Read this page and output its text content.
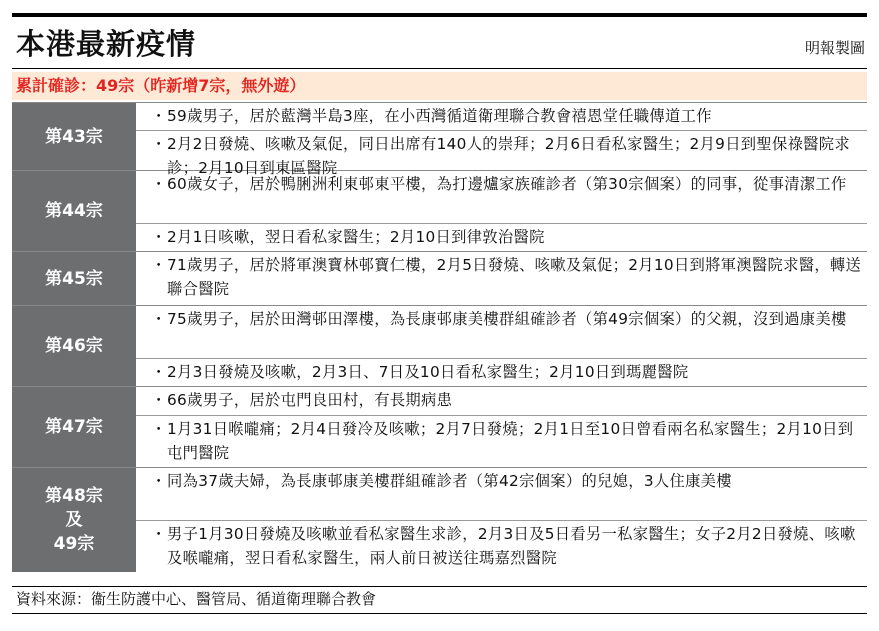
本港最新疫情	明報製圖
累計確診：49宗（昨新增7宗，無外遊）
第43宗
・ 59歲男子，居於藍灣半島3座，在小西灣循道衛理聯合教會禧恩堂任職傳道工作
・ 2月2日發燒、咳嗽及氣促，同日出席有140人的崇拜；2月6日看私家醫生；2月9日到聖保祿醫院求診；2月10日到東區醫院
第44宗
・ 60歲女子，居於鴨脷洲利東邨東平樓，為打邊爐家族確診者（第30宗個案）的同事，從事清潔工作
・ 2月1日咳嗽，翌日看私家醫生；2月10日到律敦治醫院
第45宗
・ 71歲男子，居於將軍澳寶林邨寶仁樓，2月5日發燒、咳嗽及氣促；2月10日到將軍澳醫院求醫，轉送聯合醫院
第46宗
・ 75歲男子，居於田灣邨田澤樓，為長康邨康美樓群組確診者（第49宗個案）的父親，沒到過康美樓
・ 2月3日發燒及咳嗽，2月3日、7日及10日看私家醫生；2月10日到瑪麗醫院
第47宗
・ 66歲男子，居於屯門良田村，有長期病患
・ 1月31日喉嚨痛；2月4日發冷及咳嗽；2月7日發燒；2月1日至10日曾看兩名私家醫生；2月10日到屯門醫院
第48宗
及
49宗
・ 同為37歲夫婦，為長康邨康美樓群組確診者（第42宗個案）的兒媳，3人住康美樓
・ 男子1月30日發燒及咳嗽並看私家醫生求診，2月3日及5日看另一私家醫生；女子2月2日發燒、咳嗽及喉嚨痛，翌日看私家醫生，兩人前日被送往瑪嘉烈醫院
資料來源：衞生防護中心、醫管局、循道衛理聯合教會
